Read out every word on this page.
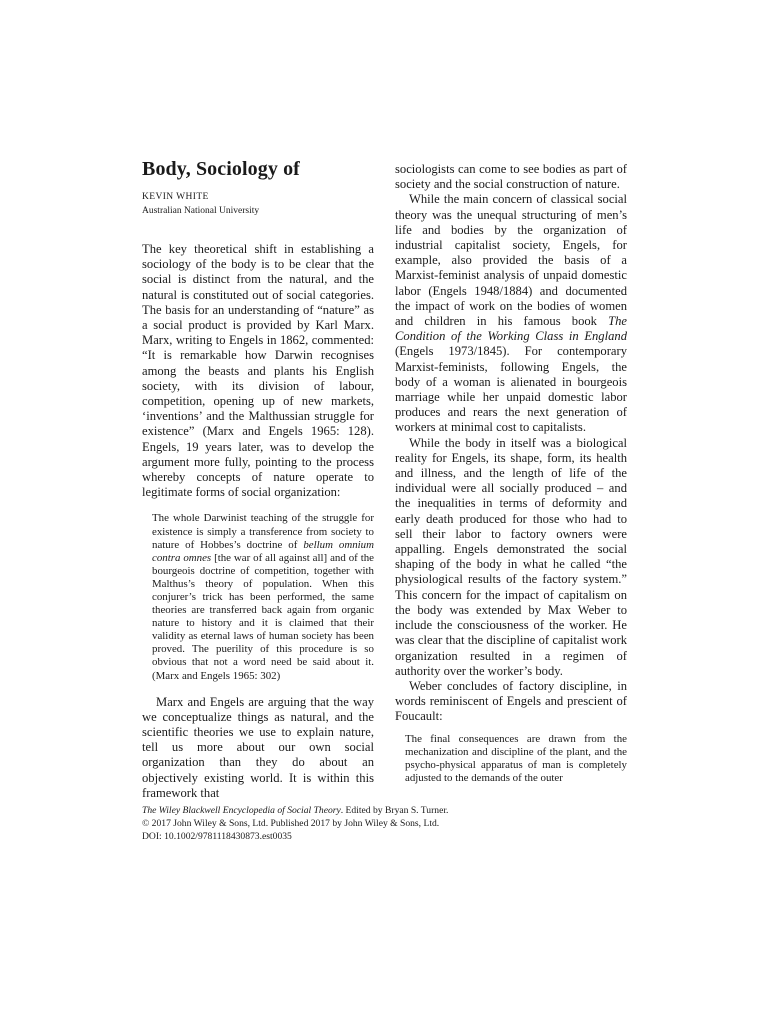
Body, Sociology of

KEVIN WHITE

Australian National University

The key theoretical shift in establishing a sociology of the body is to be clear that the social is distinct from the natural, and the natural is constituted out of social categories. The basis for an understanding of “nature” as a social product is provided by Karl Marx. Marx, writing to Engels in 1862, commented: “It is remarkable how Darwin recognises among the beasts and plants his English society, with its division of labour, competition, opening up of new markets, ‘inventions’ and the Malthussian struggle for existence” (Marx and Engels 1965: 128). Engels, 19 years later, was to develop the argument more fully, pointing to the process whereby concepts of nature operate to legitimate forms of social organization:

The whole Darwinist teaching of the struggle for existence is simply a transference from society to nature of Hobbes’s doctrine of bellum omnium contra omnes [the war of all against all] and of the bourgeois doctrine of competition, together with Malthus’s theory of population. When this conjurer’s trick has been performed, the same theories are transferred back again from organic nature to history and it is claimed that their validity as eternal laws of human society has been proved. The puerility of this procedure is so obvious that not a word need be said about it. (Marx and Engels 1965: 302)

Marx and Engels are arguing that the way we conceptualize things as natural, and the scientific theories we use to explain nature, tell us more about our own social organization than they do about an objectively existing world. It is within this framework that

sociologists can come to see bodies as part of society and the social construction of nature.

While the main concern of classical social theory was the unequal structuring of men’s life and bodies by the organization of industrial capitalist society, Engels, for example, also provided the basis of a Marxist-feminist analysis of unpaid domestic labor (Engels 1948/1884) and documented the impact of work on the bodies of women and children in his famous book The Condition of the Working Class in England (Engels 1973/1845). For contemporary Marxist-feminists, following Engels, the body of a woman is alienated in bourgeois marriage while her unpaid domestic labor produces and rears the next generation of workers at minimal cost to capitalists.

While the body in itself was a biological reality for Engels, its shape, form, its health and illness, and the length of life of the individual were all socially produced – and the inequalities in terms of deformity and early death produced for those who had to sell their labor to factory owners were appalling. Engels demonstrated the social shaping of the body in what he called “the physiological results of the factory system.” This concern for the impact of capitalism on the body was extended by Max Weber to include the consciousness of the worker. He was clear that the discipline of capitalist work organization resulted in a regimen of authority over the worker’s body.

Weber concludes of factory discipline, in words reminiscent of Engels and prescient of Foucault:

The final consequences are drawn from the mechanization and discipline of the plant, and the psycho-physical apparatus of man is completely adjusted to the demands of the outer

The Wiley Blackwell Encyclopedia of Social Theory. Edited by Bryan S. Turner.
© 2017 John Wiley & Sons, Ltd. Published 2017 by John Wiley & Sons, Ltd.
DOI: 10.1002/9781118430873.est0035
